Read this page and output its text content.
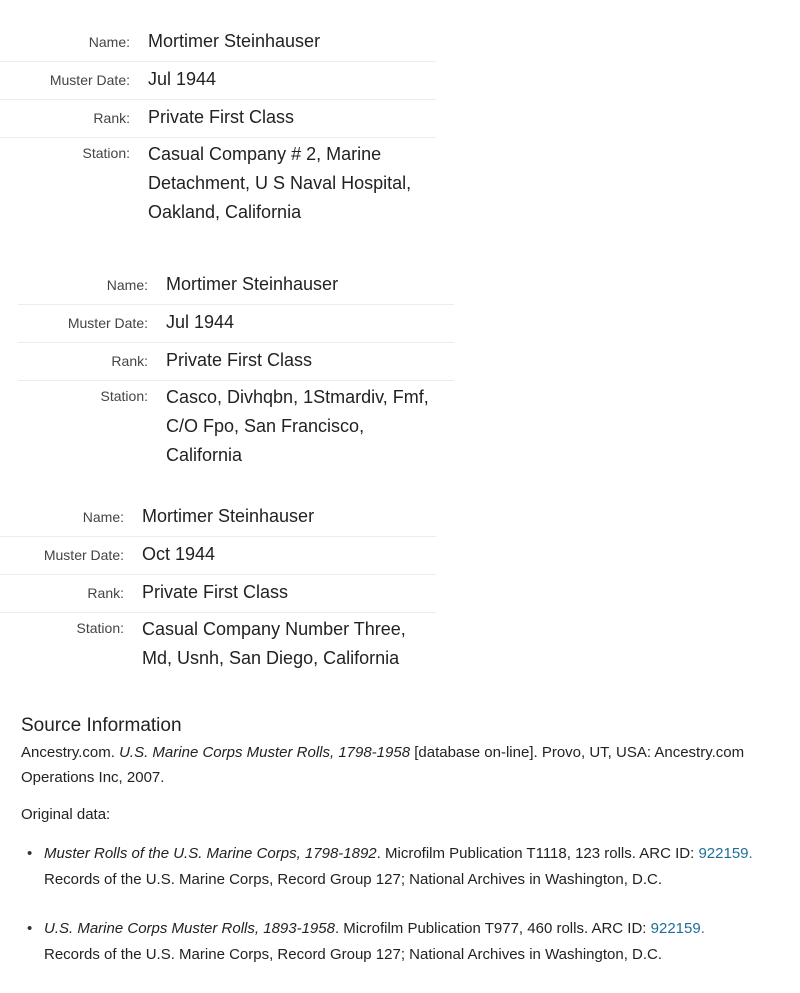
Name:	Mortimer Steinhauser
Muster Date:	Jul 1944
Rank:	Private First Class
Station:	Casual Company # 2, Marine
Detachment, U S Naval Hospital,
Oakland, California
Name:	Mortimer Steinhauser
Muster Date:	Jul 1944
Rank:	Private First Class
Station:	Casco, Divhqbn, 1Stmardiv, Fmf,
C/O Fpo, San Francisco,
California
Name:	Mortimer Steinhauser
Muster Date:	Oct 1944
Rank:	Private First Class
Station:	Casual Company Number Three,
Md, Usnh, San Diego, California
Source Information
Ancestry.com. U.S. Marine Corps Muster Rolls, 1798-1958 [database on-line]. Provo, UT, USA: Ancestry.com
Operations Inc, 2007.
Original data:
• Muster Rolls of the U.S. Marine Corps, 1798-1892. Microfilm Publication T1118, 123 rolls. ARC ID: 922159.
Records of the U.S. Marine Corps, Record Group 127; National Archives in Washington, D.C.
• U.S. Marine Corps Muster Rolls, 1893-1958. Microfilm Publication T977, 460 rolls. ARC ID: 922159.
Records of the U.S. Marine Corps, Record Group 127; National Archives in Washington, D.C.
